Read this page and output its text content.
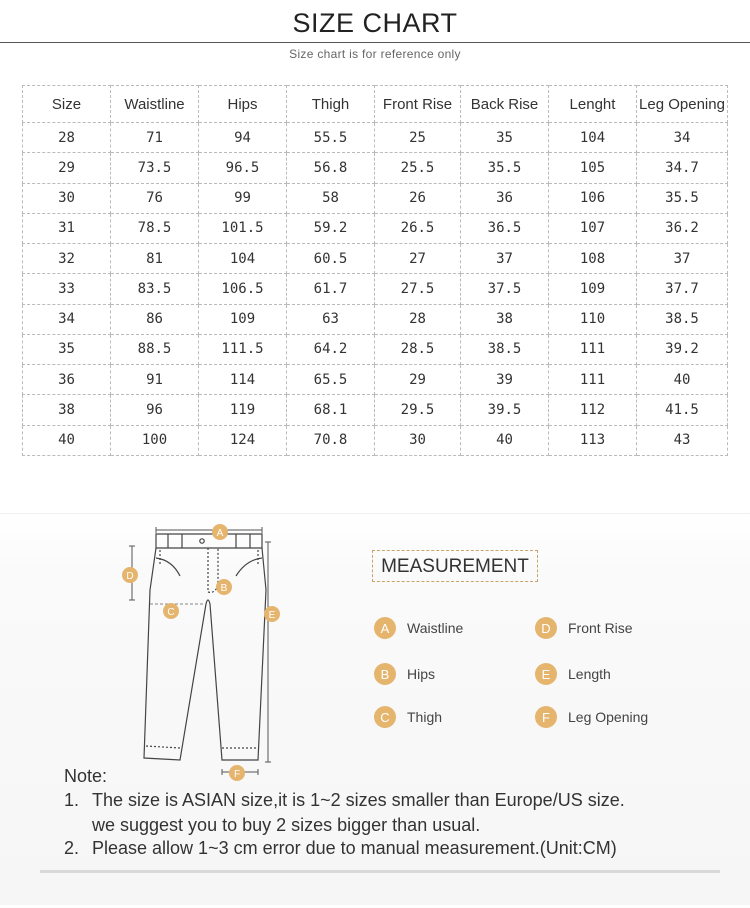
SIZE CHART
Size chart is for reference only
Size	Waistline	Hips	Thigh	Front Rise	Back Rise	Lenght	Leg Opening
28	71	94	55.5	25	35	104	34
29	73.5	96.5	56.8	25.5	35.5	105	34.7
30	76	99	58	26	36	106	35.5
31	78.5	101.5	59.2	26.5	36.5	107	36.2
32	81	104	60.5	27	37	108	37
33	83.5	106.5	61.7	27.5	37.5	109	37.7
34	86	109	63	28	38	110	38.5
35	88.5	111.5	64.2	28.5	38.5	111	39.2
36	91	114	65.5	29	39	111	40
38	96	119	68.1	29.5	39.5	112	41.5
40	100	124	70.8	30	40	113	43
A
B
C
D
E
F
MEASUREMENT
A	Waistline
B	Hips
C	Thigh
D	Front Rise
E	Length
F	Leg Opening
Note:
1. The size is ASIAN size,it is 1~2 sizes smaller than Europe/US size.
we suggest you to buy 2 sizes bigger than usual.
2. Please allow 1~3 cm error due to manual measurement.(Unit:CM)
